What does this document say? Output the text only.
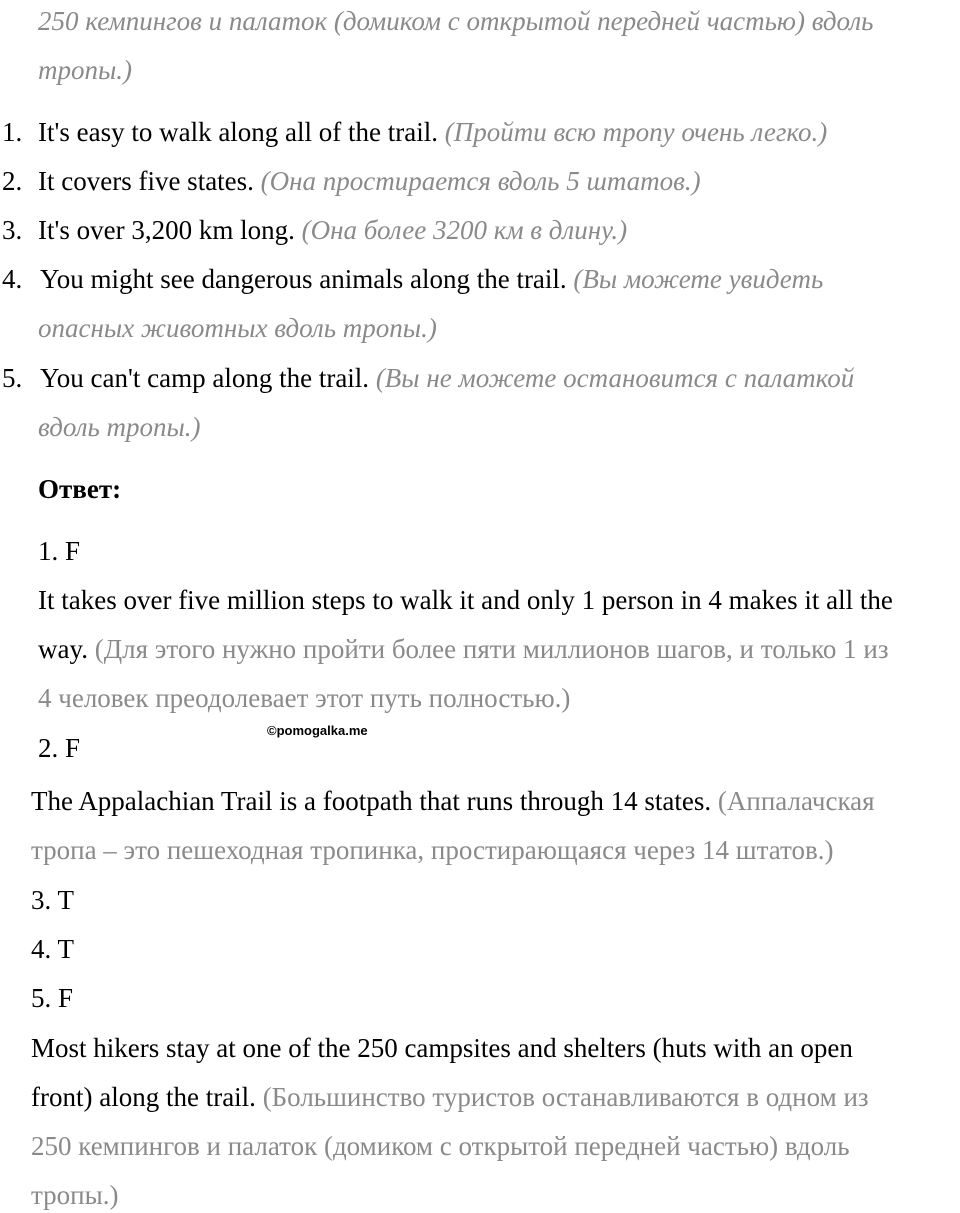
250 кемпингов и палаток (домиком с открытой передней частью) вдоль
тропы.)
1. It's easy to walk along all of the trail. (Пройти всю тропу очень легко.)
2. It covers five states. (Она простирается вдоль 5 штатов.)
3. It's over 3,200 km long. (Она более 3200 км в длину.)
4. You might see dangerous animals along the trail. (Вы можете увидеть
опасных животных вдоль тропы.)
5. You can't camp along the trail. (Вы не можете остановится с палаткой
вдоль тропы.)
Ответ:
1. F
It takes over five million steps to walk it and only 1 person in 4 makes it all the
way. (Для этого нужно пройти более пяти миллионов шагов, и только 1 из
4 человек преодолевает этот путь полностью.)
©pomogalka.me
2. F
The Appalachian Trail is a footpath that runs through 14 states. (Аппалачская
тропа – это пешеходная тропинка, простирающаяся через 14 штатов.)
3. T
4. T
5. F
Most hikers stay at one of the 250 campsites and shelters (huts with an open
front) along the trail. (Большинство туристов останавливаются в одном из
250 кемпингов и палаток (домиком с открытой передней частью) вдоль
тропы.)
